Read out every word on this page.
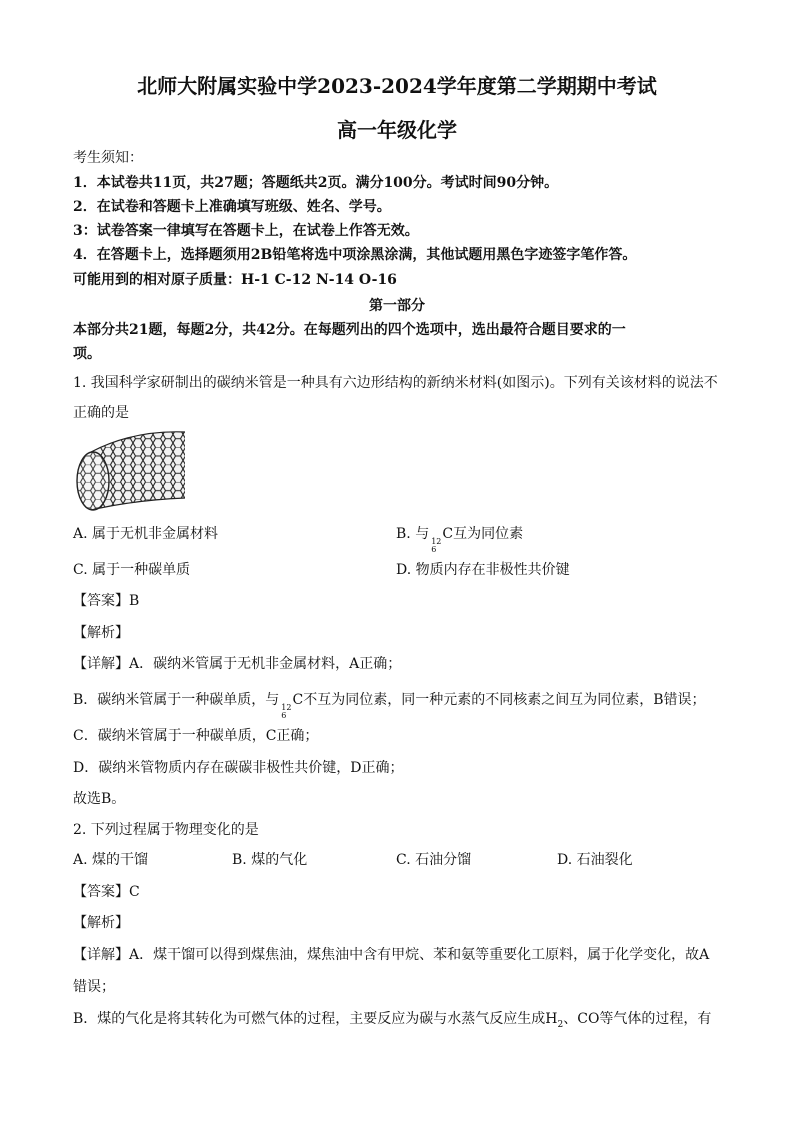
北师大附属实验中学2023-2024学年度第二学期期中考试
高一年级化学
考生须知：
1．本试卷共11页，共27题；答题纸共2页。满分100分。考试时间90分钟。
2．在试卷和答题卡上准确填写班级、姓名、学号。
3：试卷答案一律填写在答题卡上，在试卷上作答无效。
4．在答题卡上，选择题须用2B铅笔将选中项涂黑涂满，其他试题用黑色字迹签字笔作答。
可能用到的相对原子质量：H-1 C-12 N-14 O-16
第一部分
本部分共21题，每题2分，共42分。在每题列出的四个选项中，选出最符合题目要求的一
项。
1. 我国科学家研制出的碳纳米管是一种具有六边形结构的新纳米材料(如图示)。下列有关该材料的说法不
正确的是
A. 属于无机非金属材料	B. 与 12
6
C互为同位素
C. 属于一种碳单质	D. 物质内存在非极性共价键
【答案】B
【解析】
【详解】A．碳纳米管属于无机非金属材料，A正确；
B．碳纳米管属于一种碳单质，与 12
6
C不互为同位素，同一种元素的不同核素之间互为同位素，B错误；
C．碳纳米管属于一种碳单质，C正确；
D．碳纳米管物质内存在碳碳非极性共价键，D正确；
故选B。
2. 下列过程属于物理变化的是
A. 煤的干馏	B. 煤的气化	C. 石油分馏	D. 石油裂化
【答案】C
【解析】
【详解】A．煤干馏可以得到煤焦油，煤焦油中含有甲烷、苯和氨等重要化工原料，属于化学变化，故A
错误；
B．煤的气化是将其转化为可燃气体的过程，主要反应为碳与水蒸气反应生成$H_2$、CO等气体的过程，有
